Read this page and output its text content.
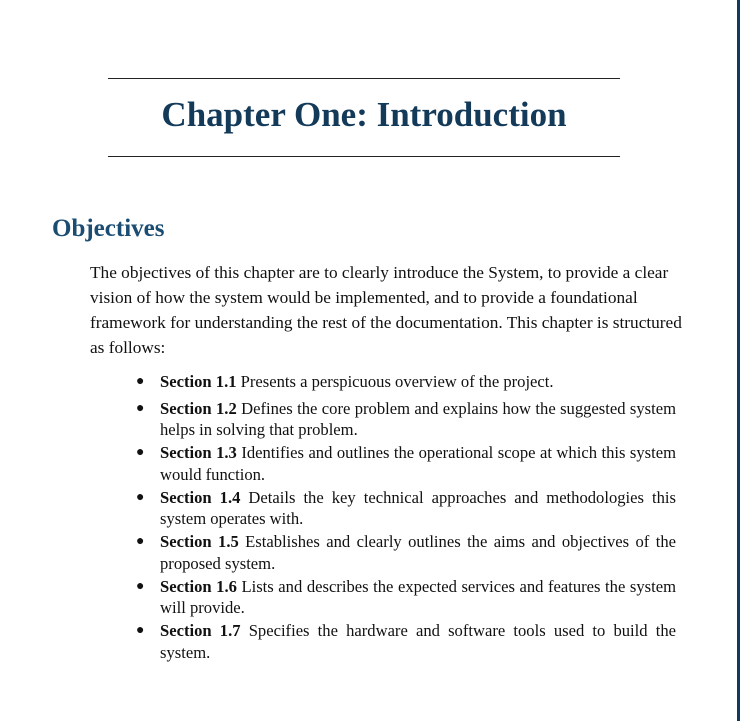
Chapter One: Introduction
Objectives

The objectives of this chapter are to clearly introduce the System, to provide a clear vision of how the system would be implemented, and to provide a foundational framework for understanding the rest of the documentation. This chapter is structured as follows:

● Section 1.1 Presents a perspicuous overview of the project.
● Section 1.2 Defines the core problem and explains how the suggested system helps in solving that problem.
● Section 1.3 Identifies and outlines the operational scope at which this system would function.
● Section 1.4 Details the key technical approaches and methodologies this system operates with.
● Section 1.5 Establishes and clearly outlines the aims and objectives of the proposed system.
● Section 1.6 Lists and describes the expected services and features the system will provide.
● Section 1.7 Specifies the hardware and software tools used to build the system.
